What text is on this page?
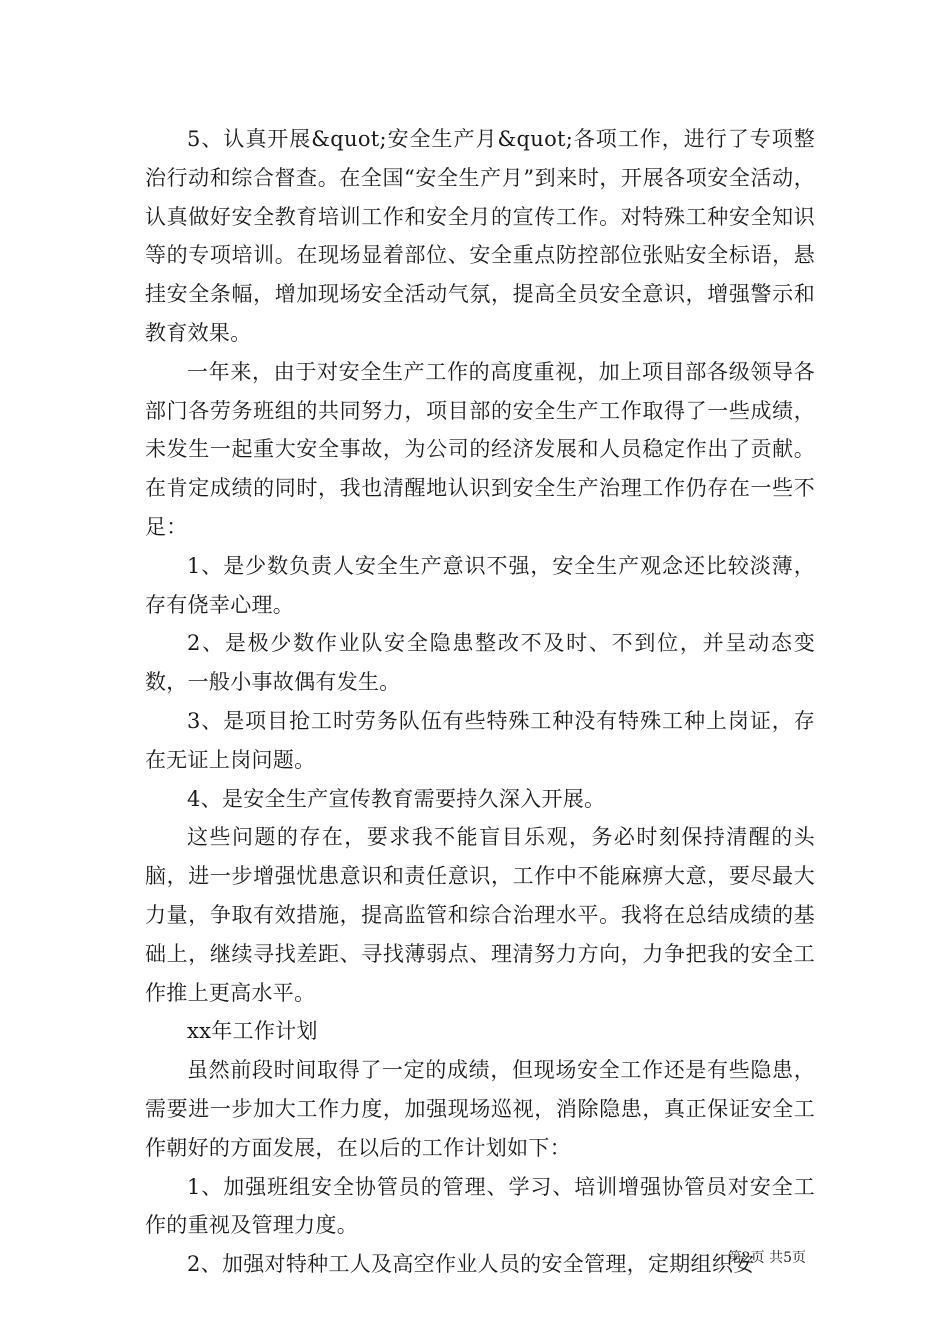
5、认真开展&quot;安全生产月&quot;各项工作，进行了专项整治行动和综合督查。在全国“安全生产月”到来时，开展各项安全活动，认真做好安全教育培训工作和安全月的宣传工作。对特殊工种安全知识等的专项培训。在现场显着部位、安全重点防控部位张贴安全标语，悬挂安全条幅，增加现场安全活动气氛，提高全员安全意识，增强警示和教育效果。

一年来，由于对安全生产工作的高度重视，加上项目部各级领导各部门各劳务班组的共同努力，项目部的安全生产工作取得了一些成绩，未发生一起重大安全事故，为公司的经济发展和人员稳定作出了贡献。在肯定成绩的同时，我也清醒地认识到安全生产治理工作仍存在一些不足：

1、是少数负责人安全生产意识不强，安全生产观念还比较淡薄，存有侥幸心理。

2、是极少数作业队安全隐患整改不及时、不到位，并呈动态变数，一般小事故偶有发生。

3、是项目抢工时劳务队伍有些特殊工种没有特殊工种上岗证，存在无证上岗问题。

4、是安全生产宣传教育需要持久深入开展。

这些问题的存在，要求我不能盲目乐观，务必时刻保持清醒的头脑，进一步增强忧患意识和责任意识，工作中不能麻痹大意，要尽最大力量，争取有效措施，提高监管和综合治理水平。我将在总结成绩的基础上，继续寻找差距、寻找薄弱点、理清努力方向，力争把我的安全工作推上更高水平。

xx年工作计划

虽然前段时间取得了一定的成绩，但现场安全工作还是有些隐患，需要进一步加大工作力度，加强现场巡视，消除隐患，真正保证安全工作朝好的方面发展，在以后的工作计划如下：

1、加强班组安全协管员的管理、学习、培训增强协管员对安全工作的重视及管理力度。

2、加强对特种工人及高空作业人员的安全管理，定期组织安

第2页 共5页
